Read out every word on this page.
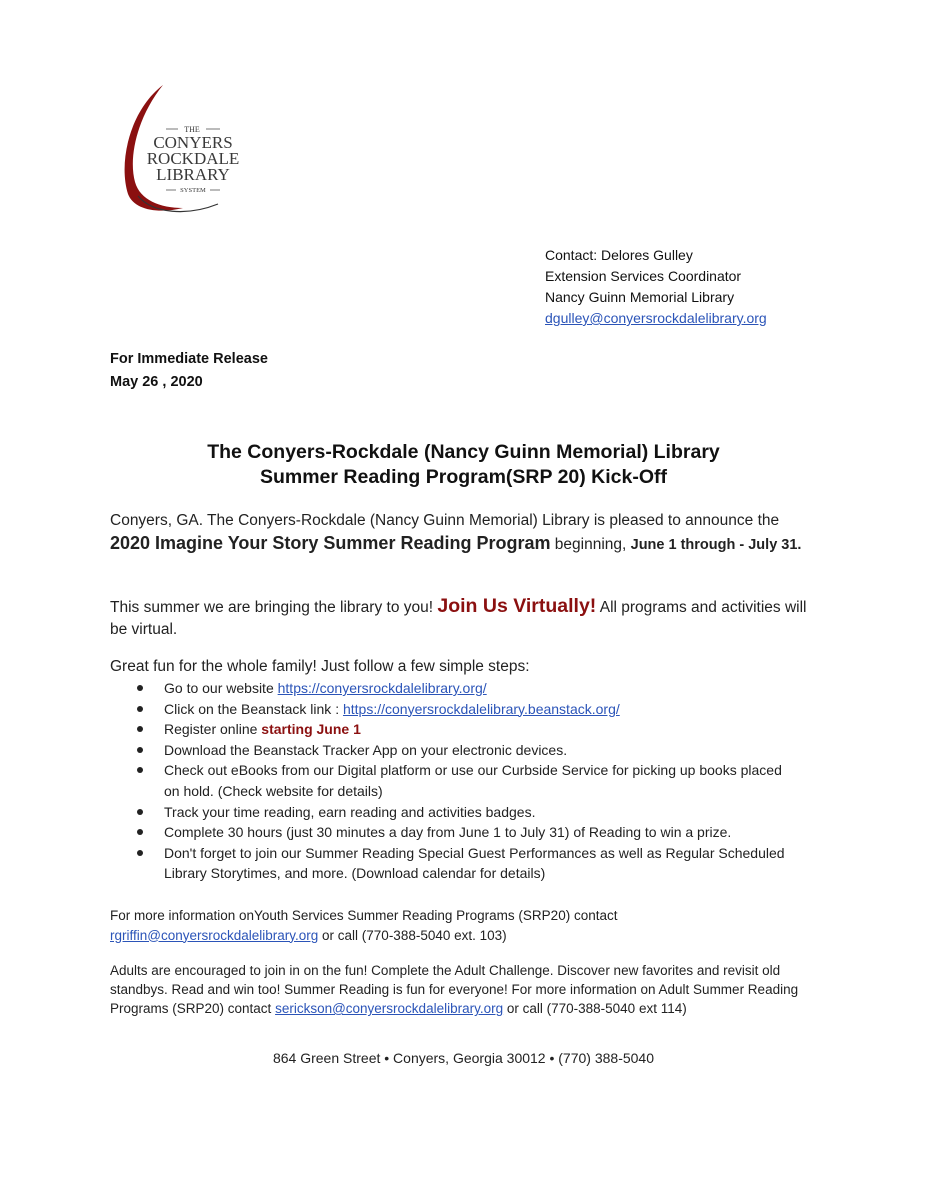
THE
CONYERS
ROCKDALE
LIBRARY
SYSTEM
Contact: Delores Gulley
Extension Services Coordinator
Nancy Guinn Memorial Library
dgulley@conyersrockdalelibrary.org
For Immediate Release
May 26 , 2020
The Conyers-Rockdale (Nancy Guinn Memorial) Library
Summer Reading Program(SRP 20) Kick-Off
Conyers, GA. The Conyers-Rockdale (Nancy Guinn Memorial) Library is pleased to announce the 2020 Imagine Your Story Summer Reading Program beginning, June 1 through - July 31.
This summer we are bringing the library to you! Join Us Virtually! All programs and activities will be virtual.
Great fun for the whole family! Just follow a few simple steps:
Go to our website https://conyersrockdalelibrary.org/
Click on the Beanstack link : https://conyersrockdalelibrary.beanstack.org/
Register online starting June 1
Download the Beanstack Tracker App on your electronic devices.
Check out eBooks from our Digital platform or use our Curbside Service for picking up books placed on hold. (Check website for details)
Track your time reading, earn reading and activities badges.
Complete 30 hours (just 30 minutes a day from June 1 to July 31) of Reading to win a prize.
Don't forget to join our Summer Reading Special Guest Performances as well as Regular Scheduled Library Storytimes, and more. (Download calendar for details)
For more information onYouth Services Summer Reading Programs (SRP20) contact
rgriffin@conyersrockdalelibrary.org or call (770-388-5040 ext. 103)
Adults are encouraged to join in on the fun! Complete the Adult Challenge. Discover new favorites and revisit old standbys. Read and win too! Summer Reading is fun for everyone! For more information on Adult Summer Reading Programs (SRP20) contact serickson@conyersrockdalelibrary.org or call (770-388-5040 ext 114)
864 Green Street • Conyers, Georgia 30012 • (770) 388-5040
